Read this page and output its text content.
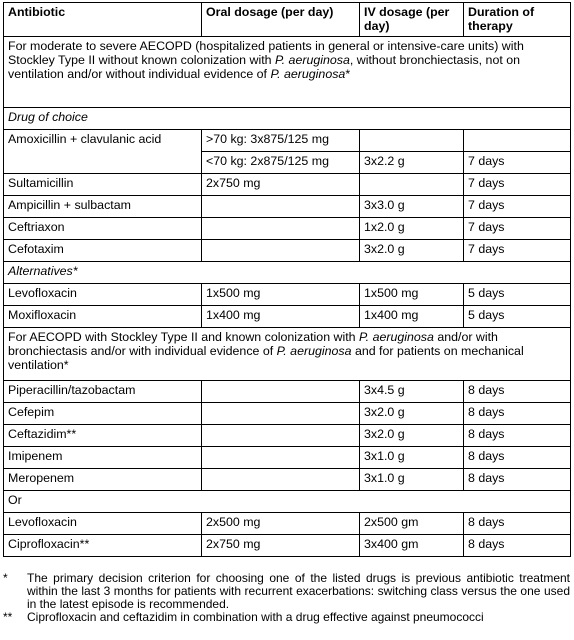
Antibiotic	Oral dosage (per day)	IV dosage (per day)	Duration of therapy
For moderate to severe AECOPD (hospitalized patients in general or intensive-care units) with Stockley Type II without known colonization with P. aeruginosa, without bronchiectasis, not on ventilation and/or without individual evidence of P. aeruginosa*			
Drug of choice			
Amoxicillin + clavulanic acid	>70 kg: 3x875/125 mg		
	<70 kg: 2x875/125 mg	3x2.2 g	7 days
Sultamicillin	2x750 mg		7 days
Ampicillin + sulbactam		3x3.0 g	7 days
Ceftriaxon		1x2.0 g	7 days
Cefotaxim		3x2.0 g	7 days
Alternatives*			
Levofloxacin	1x500 mg	1x500 mg	5 days
Moxifloxacin	1x400 mg	1x400 mg	5 days
For AECOPD with Stockley Type II and known colonization with P. aeruginosa and/or with bronchiectasis and/or with individual evidence of P. aeruginosa and for patients on mechanical ventilation*			
Piperacillin/tazobactam		3x4.5 g	8 days
Cefepim		3x2.0 g	8 days
Ceftazidim**		3x2.0 g	8 days
Imipenem		3x1.0 g	8 days
Meropenem		3x1.0 g	8 days
Or			
Levofloxacin	2x500 mg	2x500 gm	8 days
Ciprofloxacin**	2x750 mg	3x400 gm	8 days
*	The primary decision criterion for choosing one of the listed drugs is previous antibiotic treatment within the last 3 months for patients with recurrent exacerbations: switching class versus the one used in the latest episode is recommended.
**	Ciprofloxacin and ceftazidim in combination with a drug effective against pneumococci
